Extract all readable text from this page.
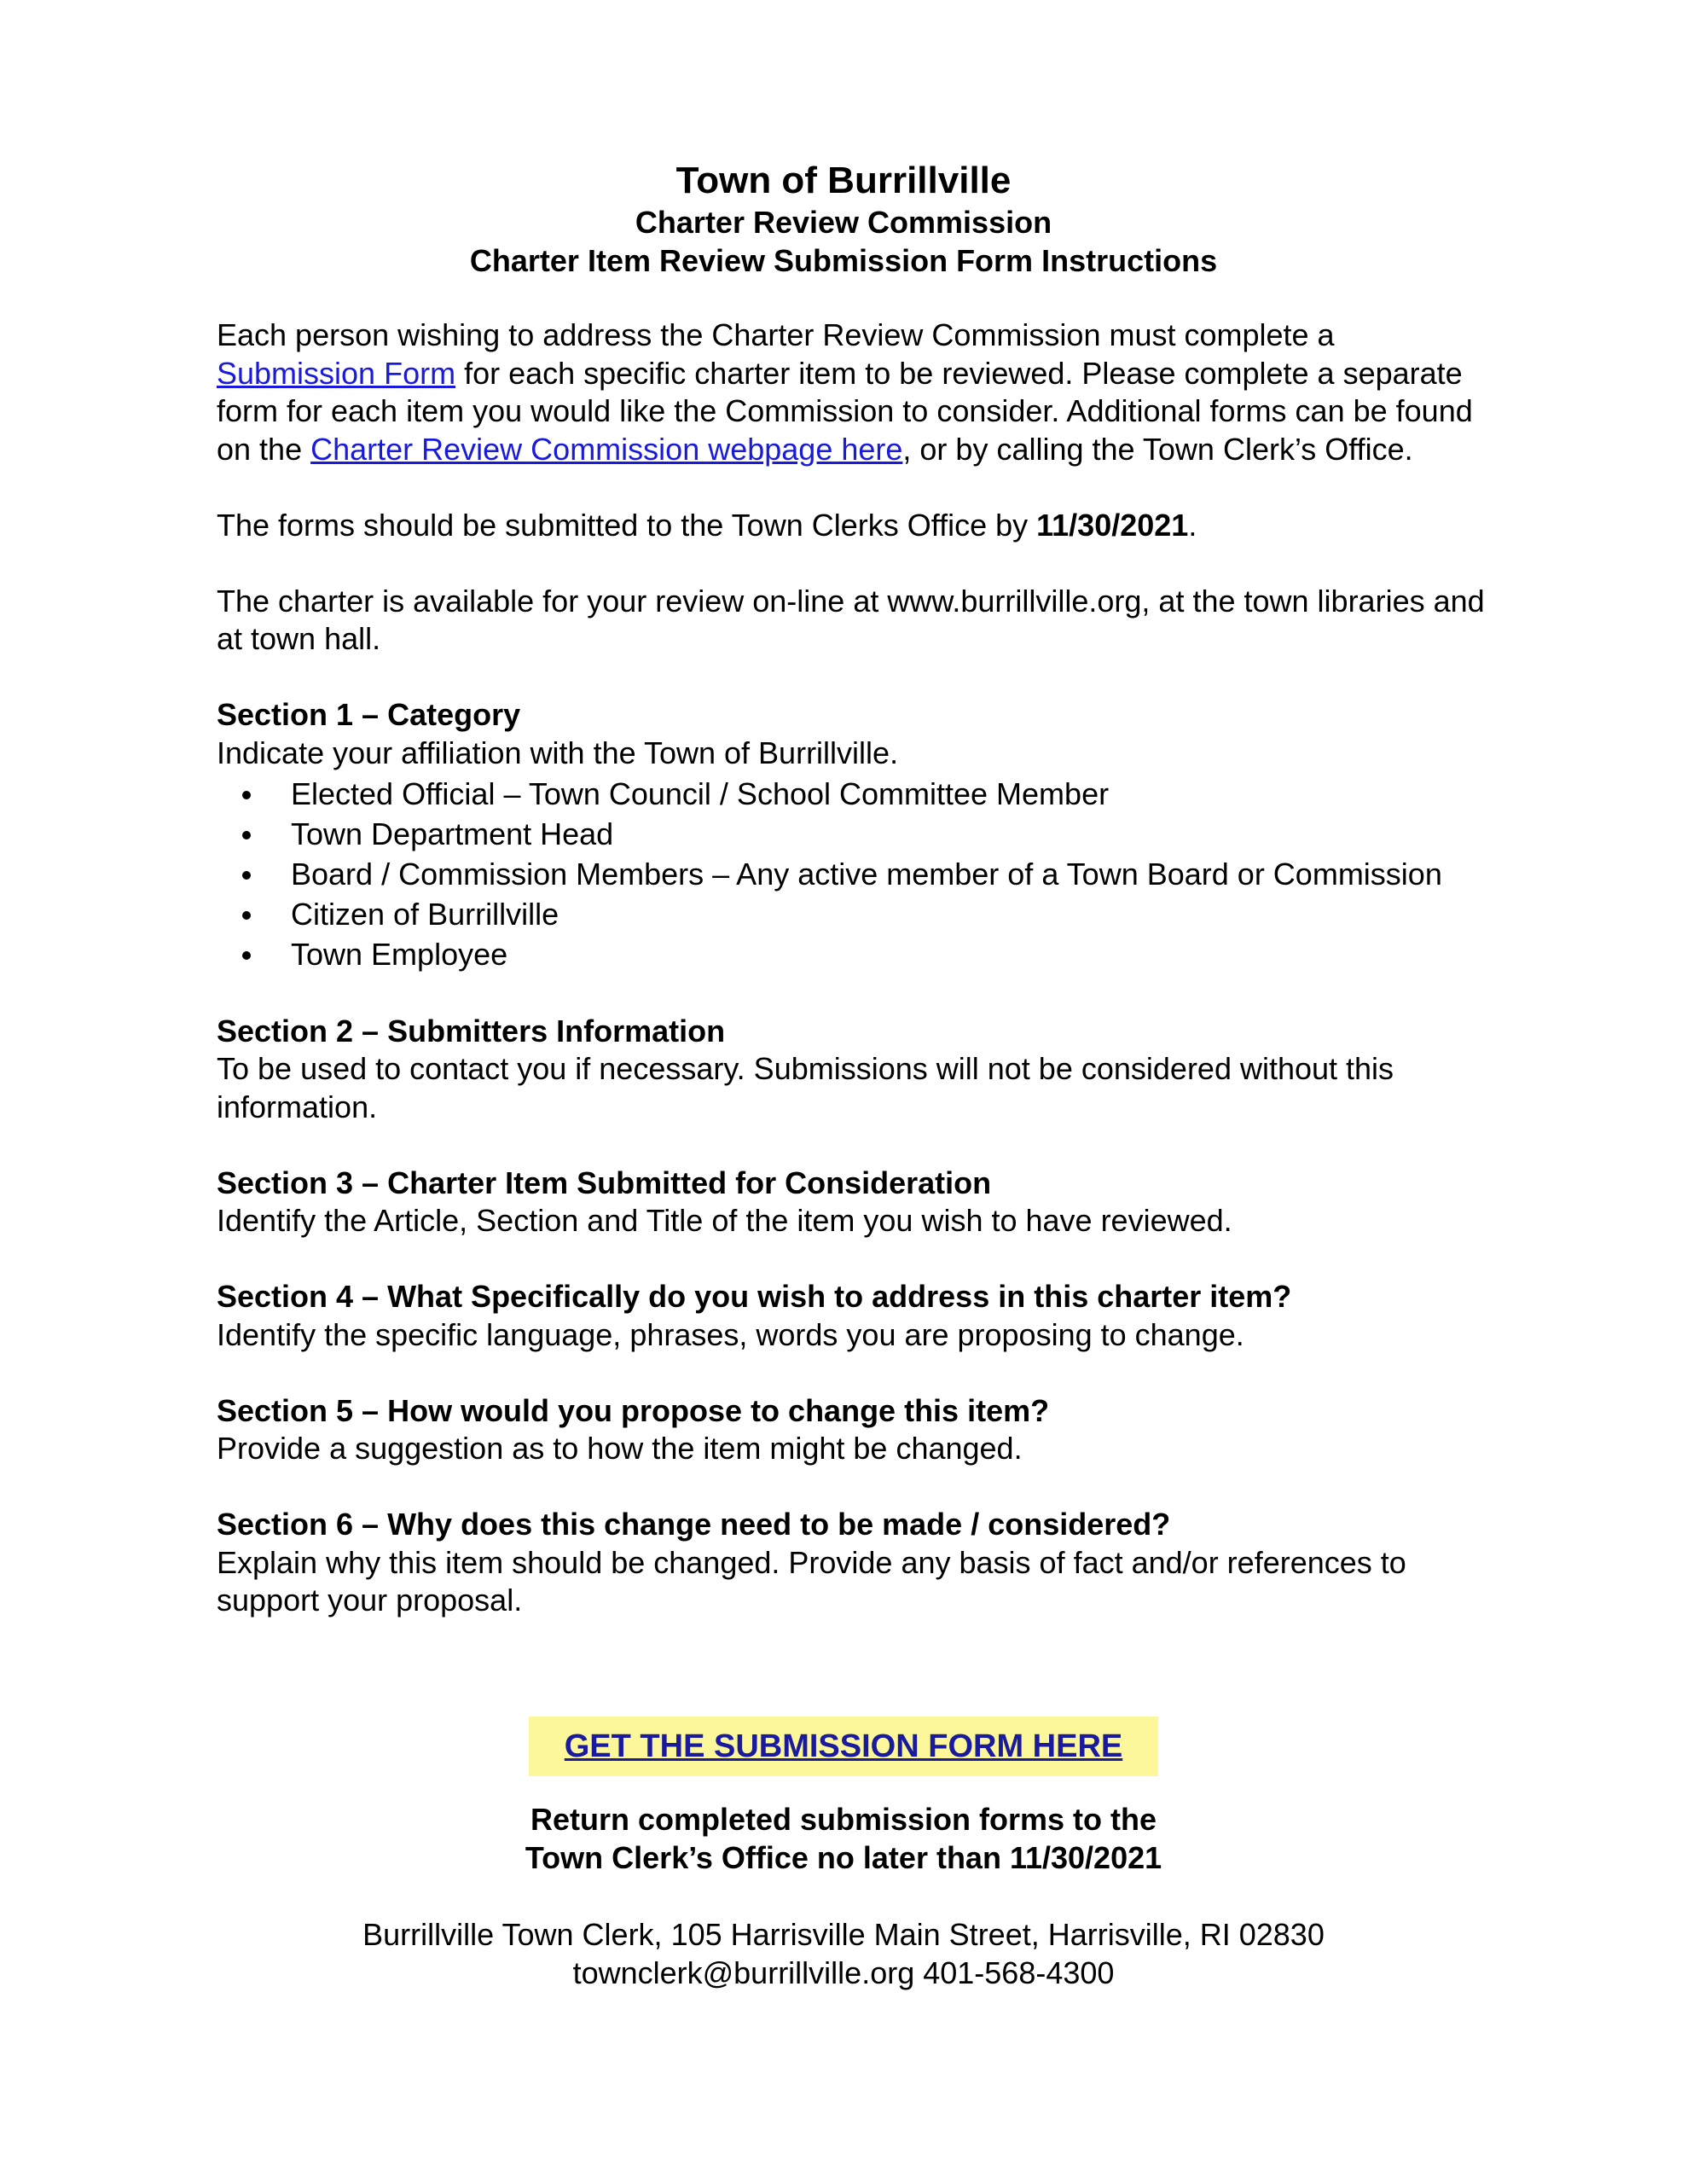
Town of Burrillville
Charter Review Commission
Charter Item Review Submission Form Instructions

Each person wishing to address the Charter Review Commission must complete a Submission Form for each specific charter item to be reviewed. Please complete a separate form for each item you would like the Commission to consider. Additional forms can be found on the Charter Review Commission webpage here, or by calling the Town Clerk’s Office.

The forms should be submitted to the Town Clerks Office by 11/30/2021.

The charter is available for your review on-line at www.burrillville.org, at the town libraries and at town hall.

Section 1 – Category
Indicate your affiliation with the Town of Burrillville.
Elected Official – Town Council / School Committee Member
Town Department Head
Board / Commission Members – Any active member of a Town Board or Commission
Citizen of Burrillville
Town Employee
Section 2 – Submitters Information
To be used to contact you if necessary. Submissions will not be considered without this information.
Section 3 – Charter Item Submitted for Consideration
Identify the Article, Section and Title of the item you wish to have reviewed.
Section 4 – What Specifically do you wish to address in this charter item?
Identify the specific language, phrases, words you are proposing to change.
Section 5 – How would you propose to change this item?
Provide a suggestion as to how the item might be changed.
Section 6 – Why does this change need to be made / considered?
Explain why this item should be changed. Provide any basis of fact and/or references to support your proposal.
GET THE SUBMISSION FORM HERE
Return completed submission forms to the
Town Clerk’s Office no later than 11/30/2021
Burrillville Town Clerk, 105 Harrisville Main Street, Harrisville, RI 02830
townclerk@burrillville.org 401-568-4300
